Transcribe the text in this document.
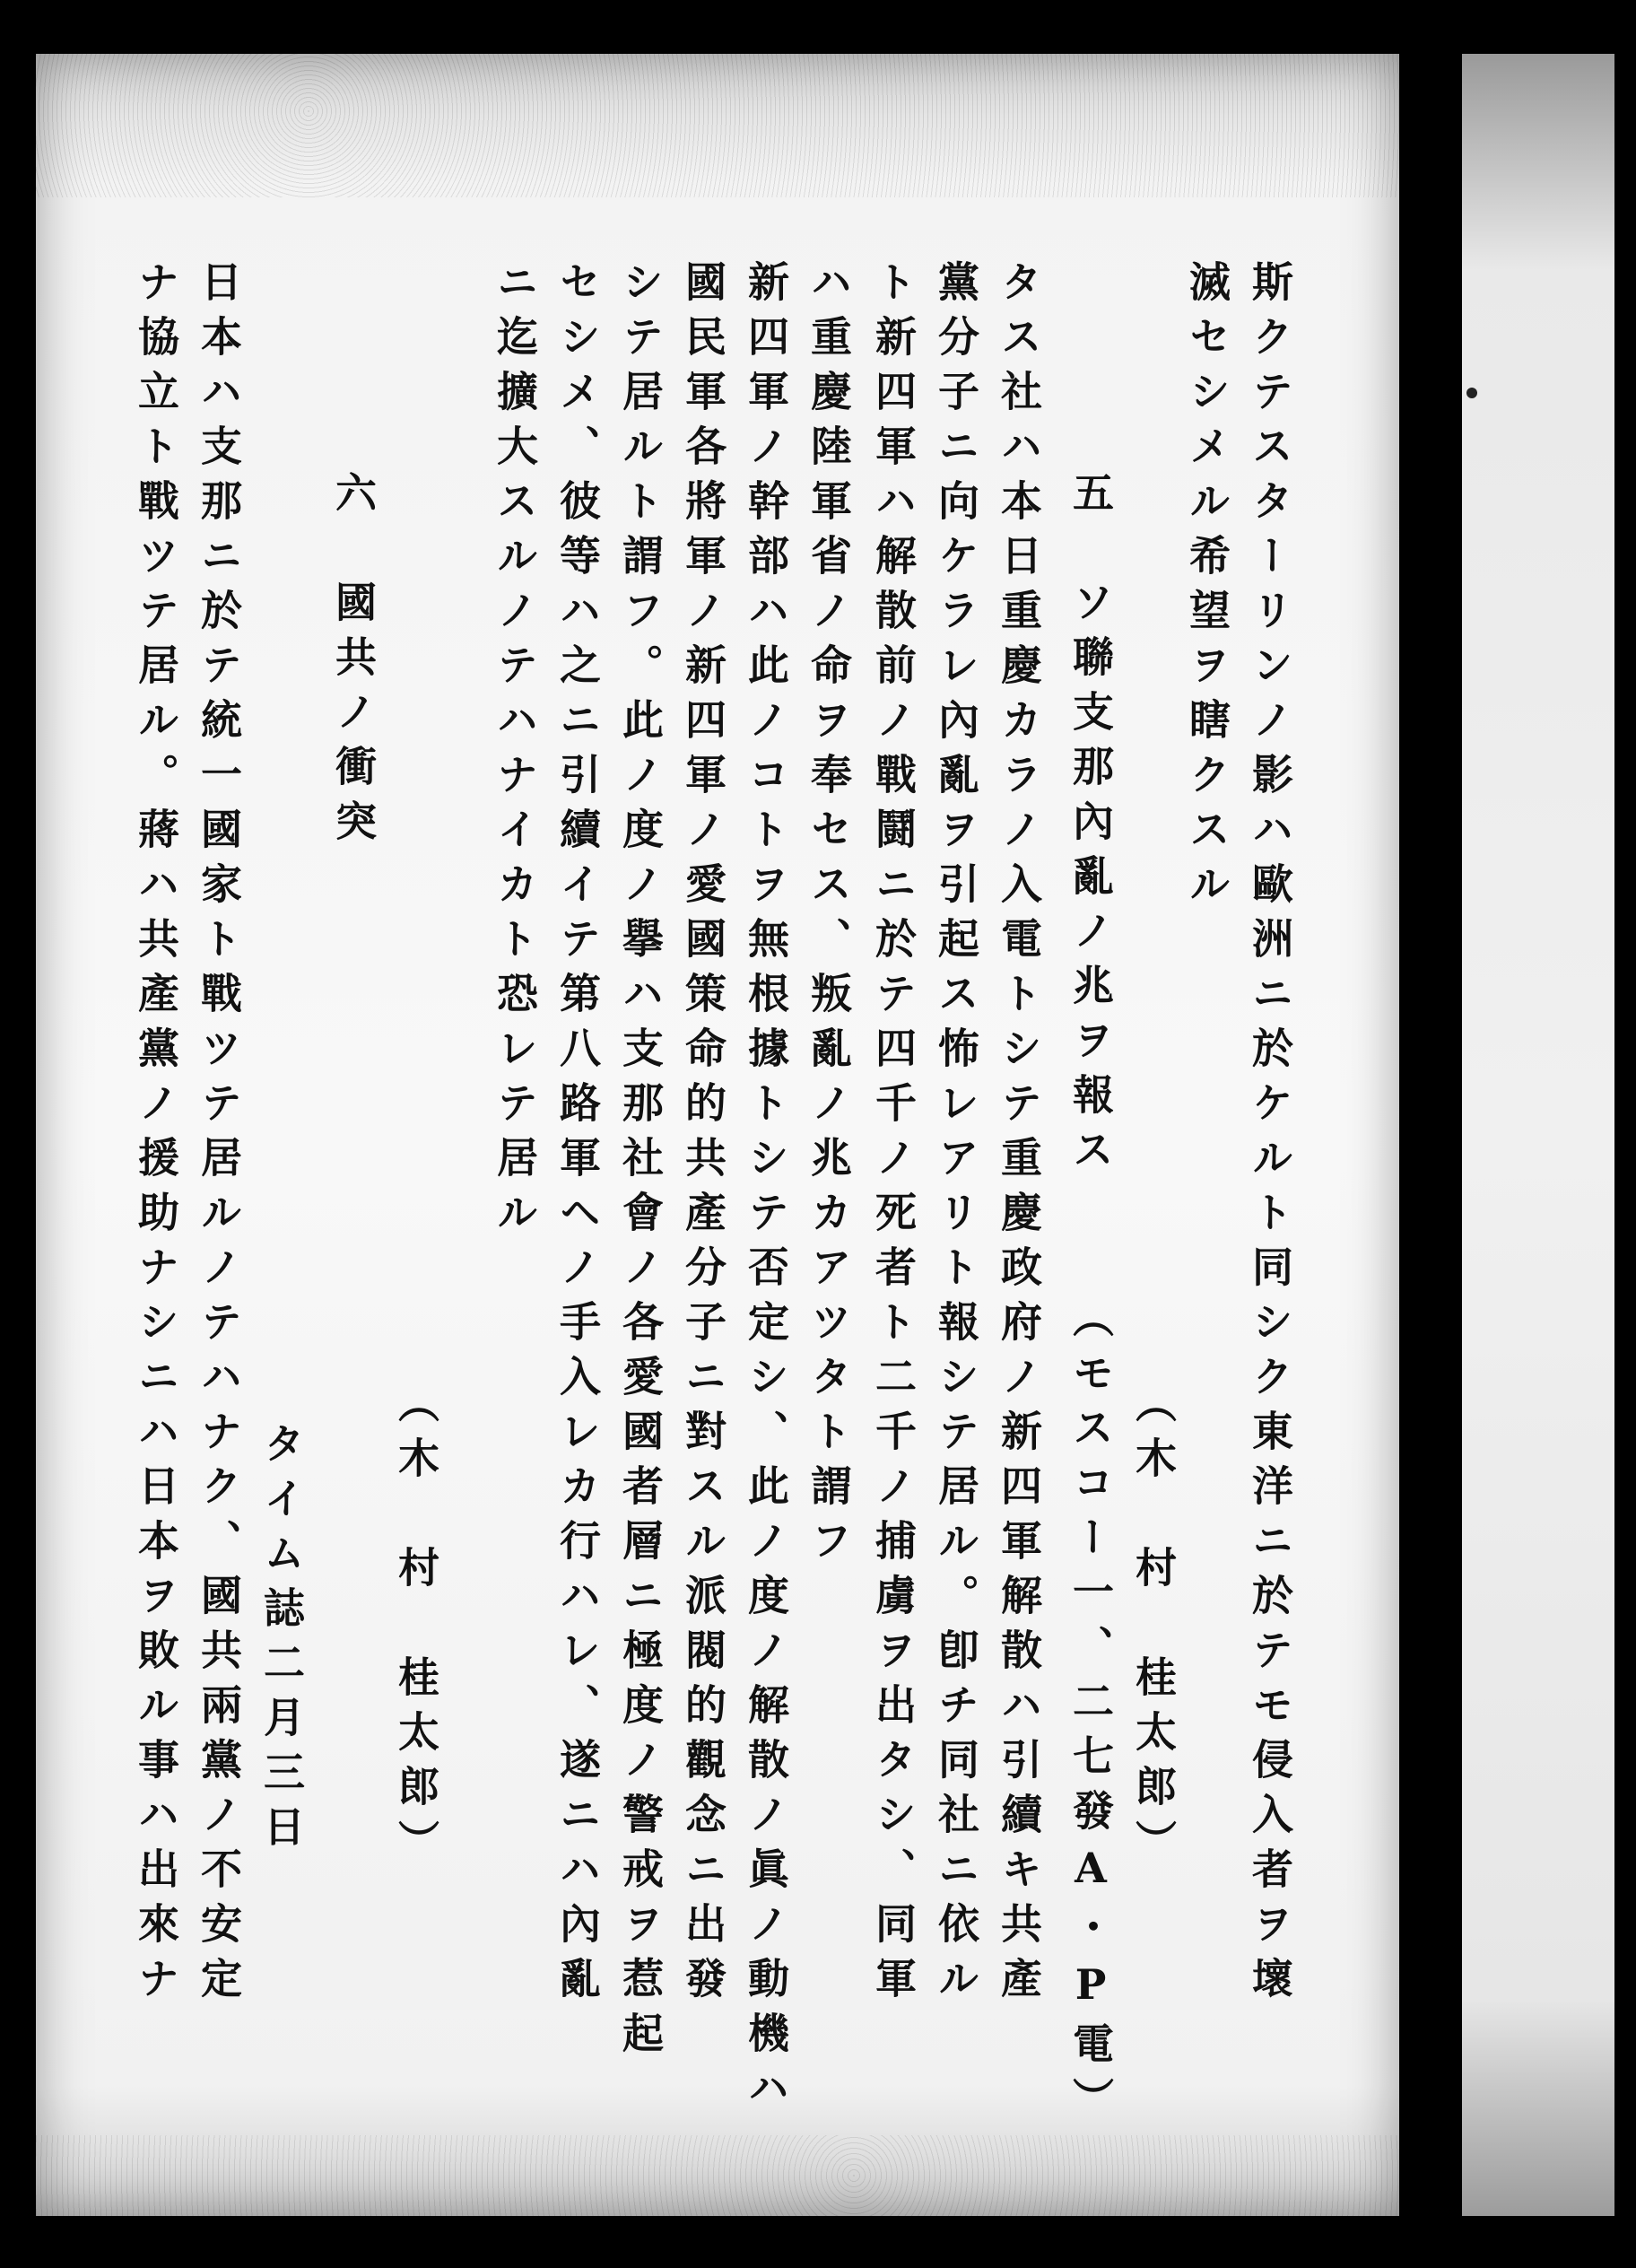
斯クテスターリンノ影ハ歐洲ニ於ケルト同シク東洋ニ於テモ侵入者ヲ壞
滅セシメル希望ヲ瞎クスル
五　ソ聯支那內亂ノ兆ヲ報ス
（木　村　桂太郎）
（モスコー一、二七發A・P電）
タス社ハ本日重慶カラノ入電トシテ重慶政府ノ新四軍解散ハ引續キ共產
黨分子ニ向ケラレ內亂ヲ引起ス怖レアリト報シテ居ル。卽チ同社ニ依ル
ト新四軍ハ解散前ノ戰鬪ニ於テ四千ノ死者ト二千ノ捕虜ヲ出タシ、同軍
ハ重慶陸軍省ノ命ヲ奉セス、叛亂ノ兆カアツタト謂フ
新四軍ノ幹部ハ此ノコトヲ無根據トシテ否定シ、此ノ度ノ解散ノ眞ノ動機ハ
國民軍各將軍ノ新四軍ノ愛國策命的共產分子ニ對スル派閥的觀念ニ出發
シテ居ルト謂フ。此ノ度ノ擧ハ支那社會ノ各愛國者層ニ極度ノ警戒ヲ惹起
セシメ、彼等ハ之ニ引續イテ第八路軍ヘノ手入レカ行ハレ、遂ニハ內亂
ニ迄擴大スルノテハナイカト恐レテ居ル
六　國共ノ衝突
（木　村　桂太郎）
タイム誌二月三日
日本ハ支那ニ於テ統一國家ト戰ツテ居ルノテハナク、國共兩黨ノ不安定
ナ協立ト戰ツテ居ル。蔣ハ共產黨ノ援助ナシニハ日本ヲ敗ル事ハ出來ナ
